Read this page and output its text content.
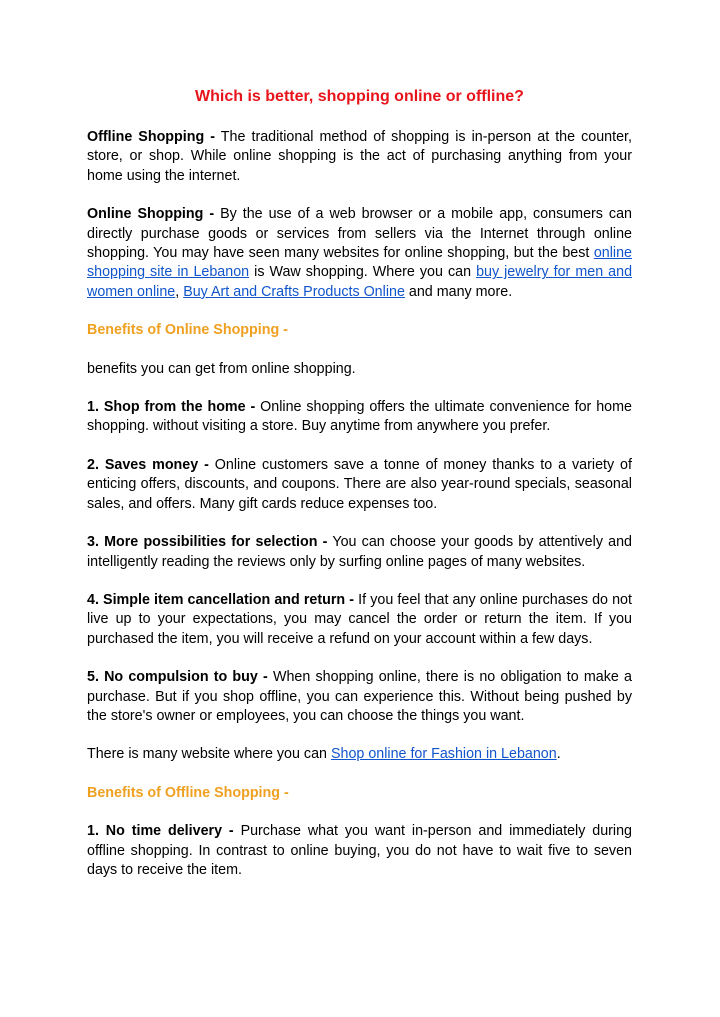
Which is better, shopping online or offline?

Offline Shopping - The traditional method of shopping is in-person at the counter, store, or shop. While online shopping is the act of purchasing anything from your home using the internet.

Online Shopping - By the use of a web browser or a mobile app, consumers can directly purchase goods or services from sellers via the Internet through online shopping. You may have seen many websites for online shopping, but the best online shopping site in Lebanon is Waw shopping. Where you can buy jewelry for men and women online, Buy Art and Crafts Products Online and many more.

Benefits of Online Shopping -

benefits you can get from online shopping.

1. Shop from the home - Online shopping offers the ultimate convenience for home shopping. without visiting a store. Buy anytime from anywhere you prefer.

2. Saves money - Online customers save a tonne of money thanks to a variety of enticing offers, discounts, and coupons. There are also year-round specials, seasonal sales, and offers. Many gift cards reduce expenses too.

3. More possibilities for selection - You can choose your goods by attentively and intelligently reading the reviews only by surfing online pages of many websites.

4. Simple item cancellation and return - If you feel that any online purchases do not live up to your expectations, you may cancel the order or return the item. If you purchased the item, you will receive a refund on your account within a few days.

5. No compulsion to buy - When shopping online, there is no obligation to make a purchase. But if you shop offline, you can experience this. Without being pushed by the store's owner or employees, you can choose the things you want.

There is many website where you can Shop online for Fashion in Lebanon.

Benefits of Offline Shopping -

1. No time delivery - Purchase what you want in-person and immediately during offline shopping. In contrast to online buying, you do not have to wait five to seven days to receive the item.
